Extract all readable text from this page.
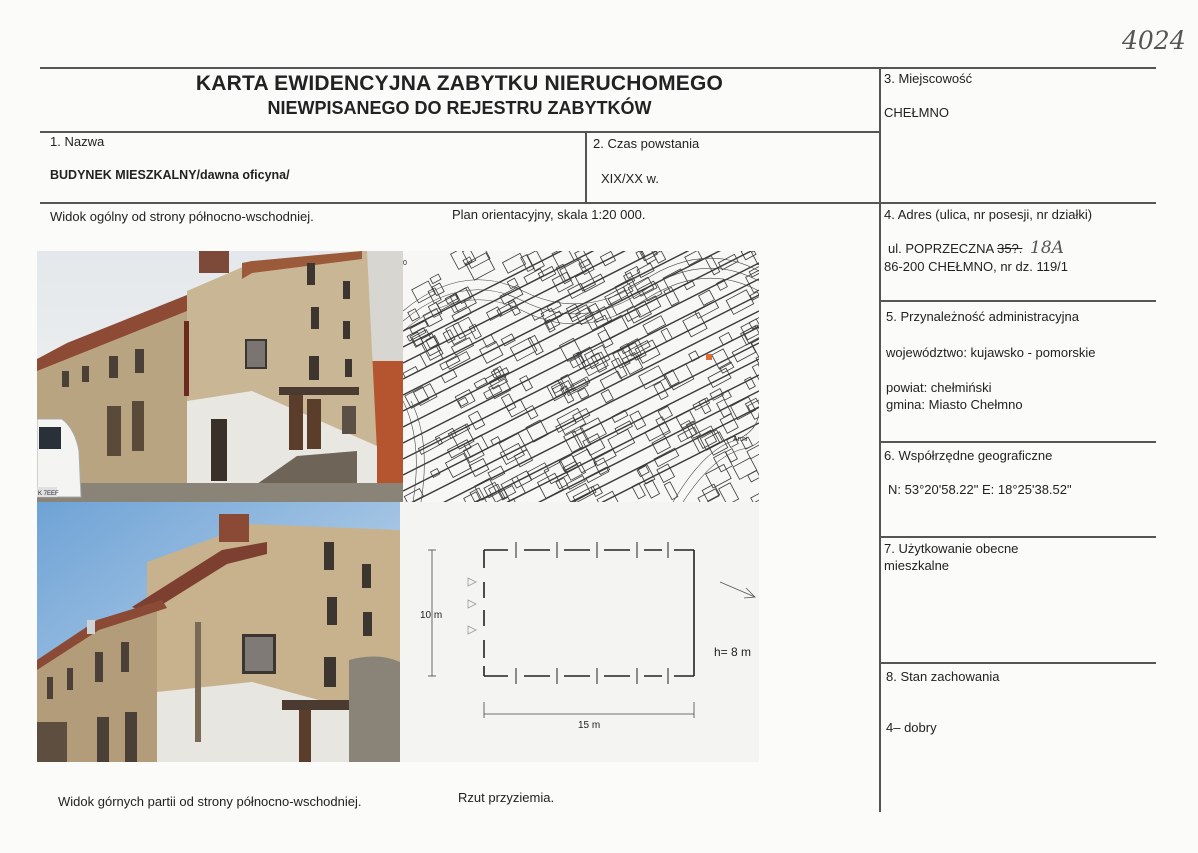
4024
KARTA EWIDENCYJNA ZABYTKU NIERUCHOMEGO
NIEWPISANEGO DO REJESTRU ZABYTKÓW
1. Nazwa
BUDYNEK MIESZKALNY/dawna oficyna/
2. Czas powstania
XIX/XX w.
3. Miejscowość
CHEŁMNO
4. Adres (ulica, nr posesji, nr działki)
ul. POPRZECZNA 35?. 18A
86-200 CHEŁMNO, nr dz. 119/1
5. Przynależność administracyjna
województwo: kujawsko - pomorskie
powiat: chełmiński
gmina: Miasto Chełmno
6. Współrzędne geograficzne
N: 53°20'58.22" E: 18°25'38.52"
7. Użytkowanie obecne
mieszkalne
8. Stan zachowania
4– dobry
Widok ogólny od strony północno-wschodniej.	Plan orientacyjny, skala 1:20 000.
Widok górnych partii od strony północno-wschodniej.	Rzut przyziemia.
K 7EEF
0
Armi
10 m
15 m
h= 8 m
